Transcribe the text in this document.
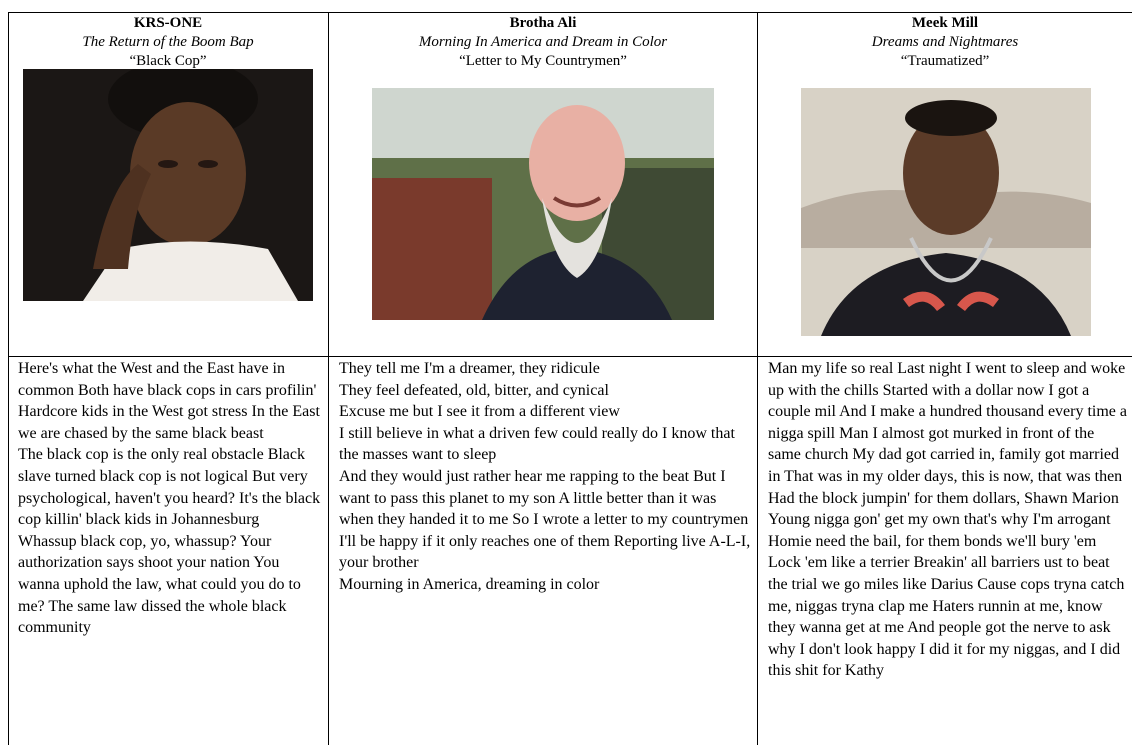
KRS-ONE
The Return of the Boom Bap
“Black Cop”

Here's what the West and the East have in common Both have black cops in cars profilin' Hardcore kids in the West got stress In the East we are chased by the same black beast

The black cop is the only real obstacle Black slave turned black cop is not logical But very psychological, haven't you heard? It's the black cop killin' black kids in Johannesburg

Whassup black cop, yo, whassup? Your authorization says shoot your nation You wanna uphold the law, what could you do to me? The same law dissed the whole black community

Brotha Ali
Morning In America and Dream in Color
“Letter to My Countrymen”

They tell me I'm a dreamer, they ridicule

They feel defeated, old, bitter, and cynical

Excuse me but I see it from a different view

I still believe in what a driven few could really do I know that the masses want to sleep

And they would just rather hear me rapping to the beat But I want to pass this planet to my son A little better than it was when they handed it to me So I wrote a letter to my countrymen I'll be happy if it only reaches one of them Reporting live A-L-I, your brother

Mourning in America, dreaming in color

Meek Mill
Dreams and Nightmares
“Traumatized”

Man my life so real Last night I went to sleep and woke up with the chills Started with a dollar now I got a couple mil And I make a hundred thousand every time a nigga spill Man I almost got murked in front of the same church My dad got carried in, family got married in That was in my older days, this is now, that was then Had the block jumpin' for them dollars, Shawn Marion Young nigga gon' get my own that's why I'm arrogant

Homie need the bail, for them bonds we'll bury 'em Lock 'em like a terrier Breakin' all barriers ust to beat the trial we go miles like Darius Cause cops tryna catch me, niggas tryna clap me Haters runnin at me, know they wanna get at me And people got the nerve to ask why I don't look happy I did it for my niggas, and I did this shit for Kathy
